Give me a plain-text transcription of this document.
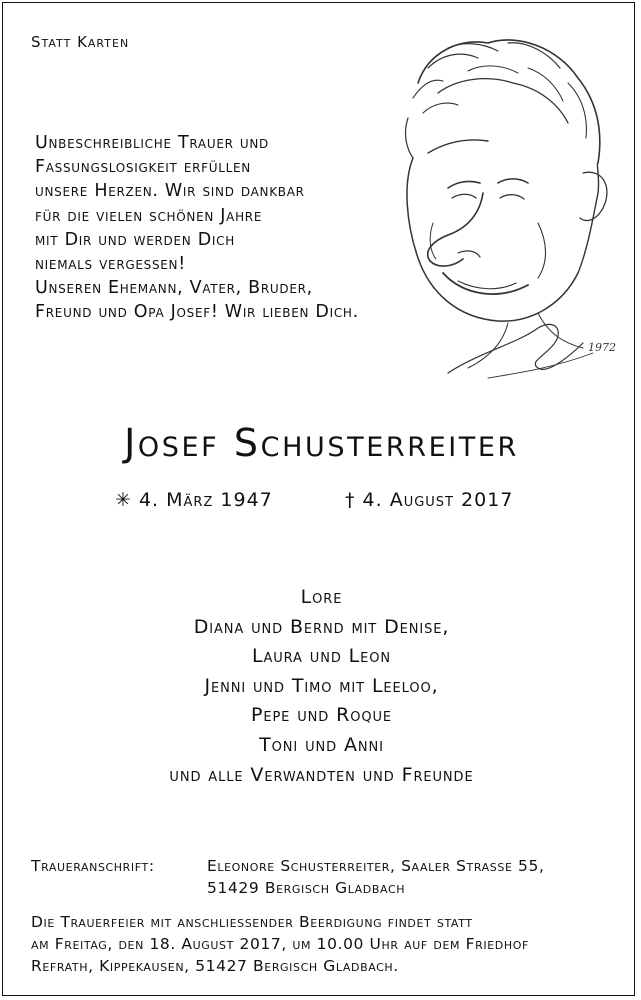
Statt Karten
Unbeschreibliche Trauer und
Fassungslosigkeit erfüllen
unsere Herzen. Wir sind dankbar
für die vielen schönen Jahre
mit Dir und werden Dich
niemals vergessen!
Unseren Ehemann, Vater, Bruder,
Freund und Opa Josef! Wir lieben Dich.
1972
Josef Schusterreiter
✳ 4. März 1947	† 4. August 2017
Lore
Diana und Bernd mit Denise,
Laura und Leon
Jenni und Timo mit Leeloo,
Pepe und Roque
Toni und Anni
und alle Verwandten und Freunde
Traueranschrift:	Eleonore Schusterreiter, Saaler Strasse 55,
51429 Bergisch Gladbach
Die Trauerfeier mit anschliessender Beerdigung findet statt
am Freitag, den 18. August 2017, um 10.00 Uhr auf dem Friedhof
Refrath, Kippekausen, 51427 Bergisch Gladbach.
